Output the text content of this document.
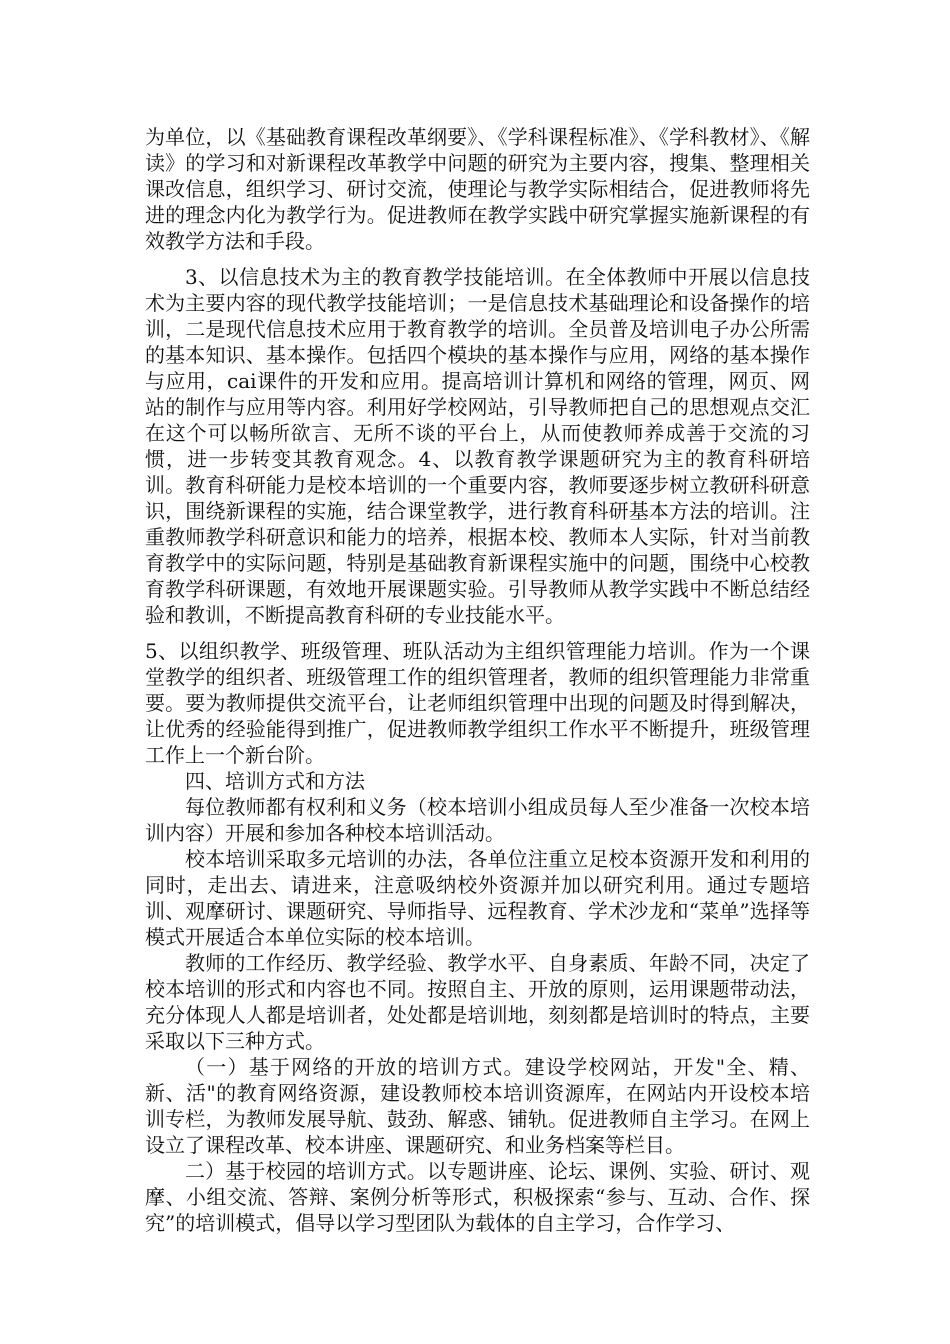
为单位，以《基础教育课程改革纲要》、《学科课程标准》、《学科教材》、《解读》的学习和对新课程改革教学中问题的研究为主要内容，搜集、整理相关课改信息，组织学习、研讨交流，使理论与教学实际相结合，促进教师将先进的理念内化为教学行为。促进教师在教学实践中研究掌握实施新课程的有效教学方法和手段。

3、以信息技术为主的教育教学技能培训。在全体教师中开展以信息技术为主要内容的现代教学技能培训；一是信息技术基础理论和设备操作的培训，二是现代信息技术应用于教育教学的培训。全员普及培训电子办公所需的基本知识、基本操作。包括四个模块的基本操作与应用，网络的基本操作与应用，cai课件的开发和应用。提高培训计算机和网络的管理，网页、网站的制作与应用等内容。利用好学校网站，引导教师把自己的思想观点交汇在这个可以畅所欲言、无所不谈的平台上，从而使教师养成善于交流的习惯，进一步转变其教育观念。4、以教育教学课题研究为主的教育科研培训。教育科研能力是校本培训的一个重要内容，教师要逐步树立教研科研意识，围绕新课程的实施，结合课堂教学，进行教育科研基本方法的培训。注重教师教学科研意识和能力的培养，根据本校、教师本人实际，针对当前教育教学中的实际问题，特别是基础教育新课程实施中的问题，围绕中心校教育教学科研课题，有效地开展课题实验。引导教师从教学实践中不断总结经验和教训，不断提高教育科研的专业技能水平。

5、以组织教学、班级管理、班队活动为主组织管理能力培训。作为一个课堂教学的组织者、班级管理工作的组织管理者，教师的组织管理能力非常重要。要为教师提供交流平台，让老师组织管理中出现的问题及时得到解决，让优秀的经验能得到推广，促进教师教学组织工作水平不断提升，班级管理工作上一个新台阶。

四、培训方式和方法

每位教师都有权利和义务（校本培训小组成员每人至少准备一次校本培训内容）开展和参加各种校本培训活动。

校本培训采取多元培训的办法，各单位注重立足校本资源开发和利用的同时，走出去、请进来，注意吸纳校外资源并加以研究利用。通过专题培训、观摩研讨、课题研究、导师指导、远程教育、学术沙龙和“菜单”选择等模式开展适合本单位实际的校本培训。

教师的工作经历、教学经验、教学水平、自身素质、年龄不同，决定了校本培训的形式和内容也不同。按照自主、开放的原则，运用课题带动法，充分体现人人都是培训者，处处都是培训地，刻刻都是培训时的特点，主要采取以下三种方式。

（一）基于网络的开放的培训方式。建设学校网站，开发"全、精、新、活"的教育网络资源，建设教师校本培训资源库，在网站内开设校本培训专栏，为教师发展导航、鼓劲、解惑、铺轨。促进教师自主学习。在网上设立了课程改革、校本讲座、课题研究、和业务档案等栏目。

二）基于校园的培训方式。以专题讲座、论坛、课例、实验、研讨、观摩、小组交流、答辩、案例分析等形式，积极探索“参与、互动、合作、探究”的培训模式，倡导以学习型团队为载体的自主学习，合作学习、
